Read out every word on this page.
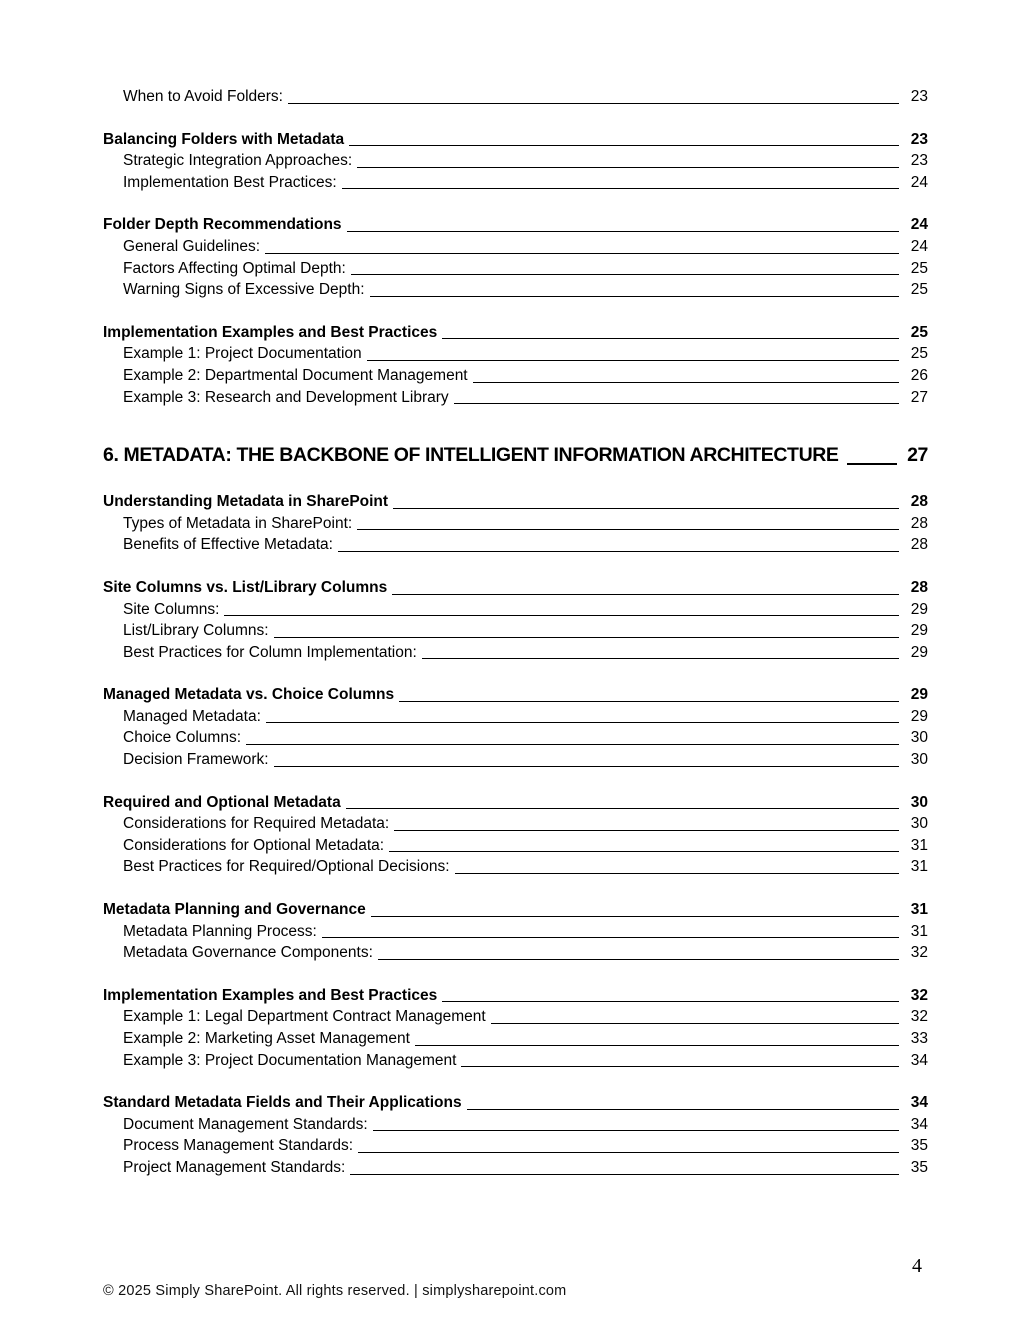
When to Avoid Folders:	23
Balancing Folders with Metadata	23
Strategic Integration Approaches:	23
Implementation Best Practices:	24
Folder Depth Recommendations	24
General Guidelines:	24
Factors Affecting Optimal Depth:	25
Warning Signs of Excessive Depth:	25
Implementation Examples and Best Practices	25
Example 1: Project Documentation	25
Example 2: Departmental Document Management	26
Example 3: Research and Development Library	27
6. METADATA: THE BACKBONE OF INTELLIGENT INFORMATION ARCHITECTURE	27
Understanding Metadata in SharePoint	28
Types of Metadata in SharePoint:	28
Benefits of Effective Metadata:	28
Site Columns vs. List/Library Columns	28
Site Columns:	29
List/Library Columns:	29
Best Practices for Column Implementation:	29
Managed Metadata vs. Choice Columns	29
Managed Metadata:	29
Choice Columns:	30
Decision Framework:	30
Required and Optional Metadata	30
Considerations for Required Metadata:	30
Considerations for Optional Metadata:	31
Best Practices for Required/Optional Decisions:	31
Metadata Planning and Governance	31
Metadata Planning Process:	31
Metadata Governance Components:	32
Implementation Examples and Best Practices	32
Example 1: Legal Department Contract Management	32
Example 2: Marketing Asset Management	33
Example 3: Project Documentation Management	34
Standard Metadata Fields and Their Applications	34
Document Management Standards:	34
Process Management Standards:	35
Project Management Standards:	35
4
© 2025 Simply SharePoint. All rights reserved. | simplysharepoint.com
